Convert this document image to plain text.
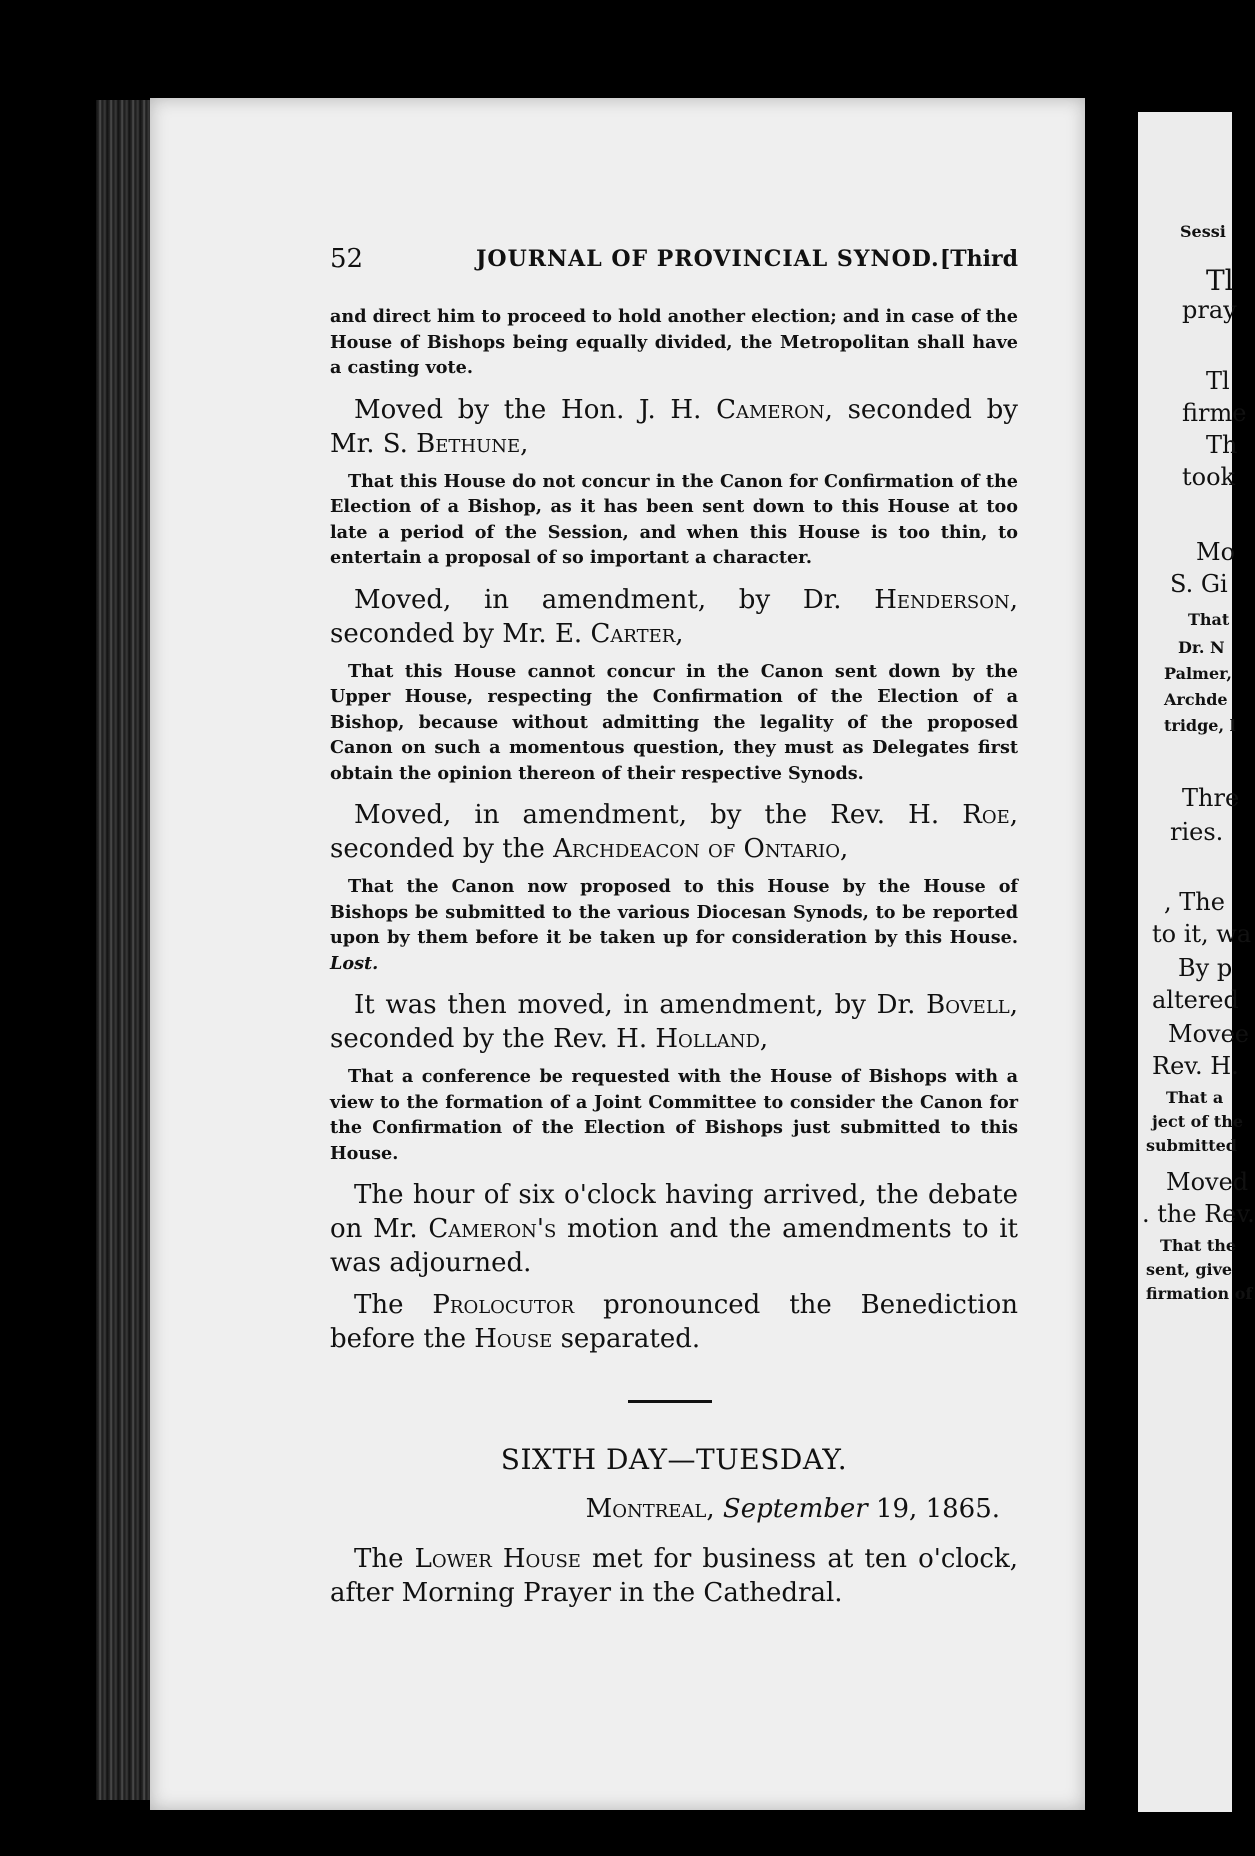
52	JOURNAL OF PROVINCIAL SYNOD. [Third

and direct him to proceed to hold another election; and in case of the House of Bishops being equally divided, the Metropolitan shall have a casting vote.

Moved by the Hon. J. H. Cameron, seconded by Mr. S. Bethune,

That this House do not concur in the Canon for Confirmation of the Election of a Bishop, as it has been sent down to this House at too late a period of the Session, and when this House is too thin, to entertain a proposal of so important a character.

Moved, in amendment, by Dr. Henderson, seconded by Mr. E. Carter,

That this House cannot concur in the Canon sent down by the Upper House, respecting the Confirmation of the Election of a Bishop, because without admitting the legality of the proposed Canon on such a momentous question, they must as Delegates first obtain the opinion thereon of their respective Synods.

Moved, in amendment, by the Rev. H. Roe, seconded by the Archdeacon of Ontario,

That the Canon now proposed to this House by the House of Bishops be submitted to the various Diocesan Synods, to be reported upon by them before it be taken up for consideration by this House. Lost.

It was then moved, in amendment, by Dr. Bovell, seconded by the Rev. H. Holland,

That a conference be requested with the House of Bishops with a view to the formation of a Joint Committee to consider the Canon for the Confirmation of the Election of Bishops just submitted to this House.

The hour of six o'clock having arrived, the debate on Mr. Cameron's motion and the amendments to it was adjourned.

The Prolocutor pronounced the Benediction before the House separated.

SIXTH DAY—TUESDAY.
Montreal, September 19, 1865.

The Lower House met for business at ten o'clock, after Morning Prayer in the Cathedral.

Sessi
Tl
pray
Tl
firme
Th
took
Mo
S. Gi
That
Dr. N
Palmer,
Archde
tridge, l
Thre
ries.
, The
to it, wa
By p
altered
Movee
Rev. H.
That a
ject of the
submitted
Moved
. the Rev.
That the
sent, give
firmation of
